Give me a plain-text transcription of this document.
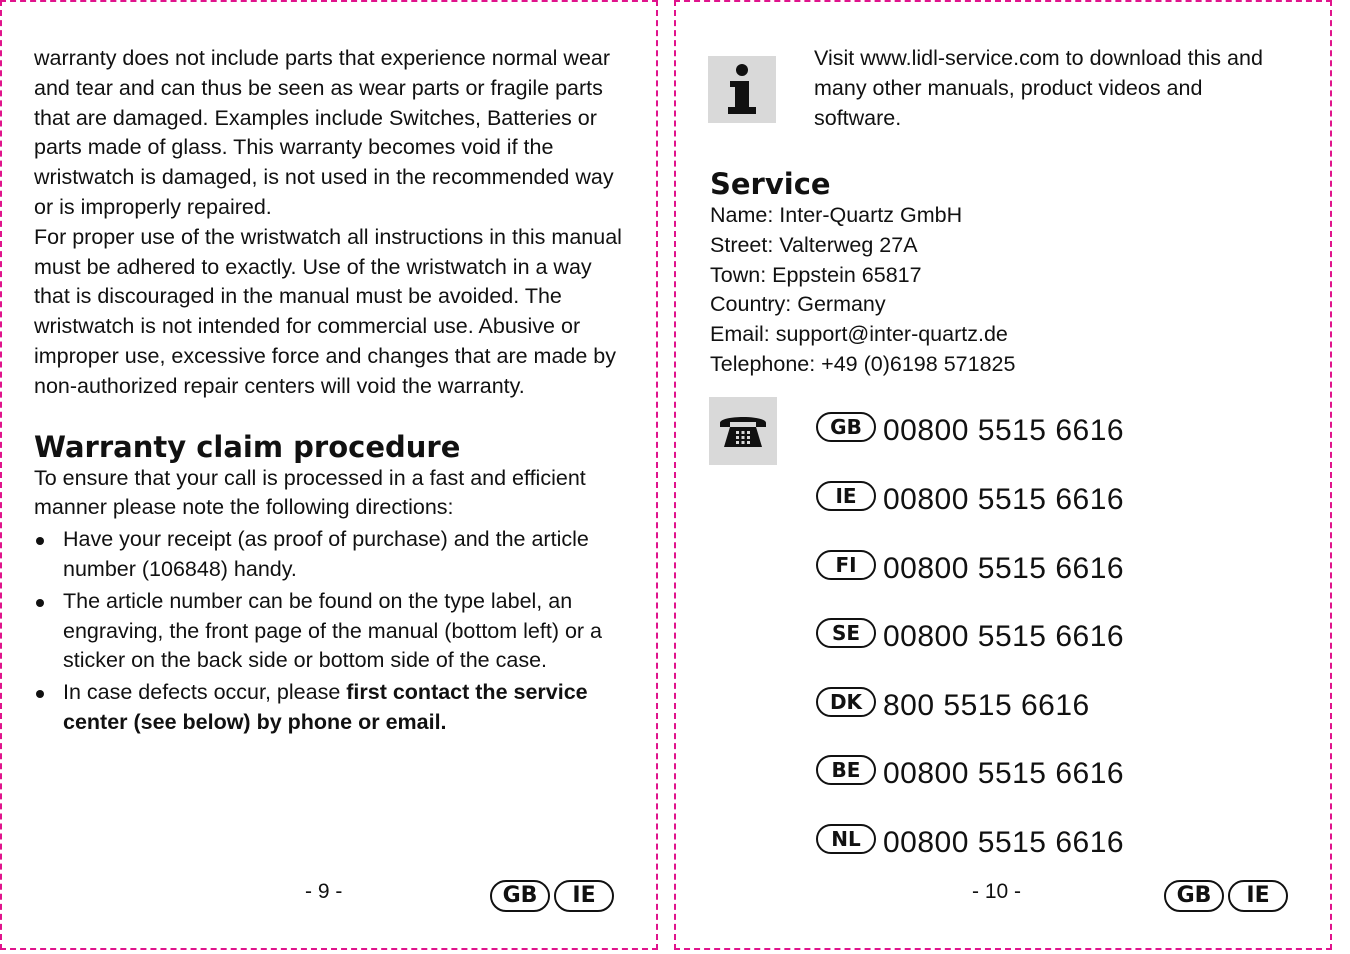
warranty does not include parts that experience normal wear and tear and can thus be seen as wear parts or fragile parts that are damaged. Examples include Switches, Batteries or parts made of glass. This warranty becomes void if the wristwatch is damaged, is not used in the recommended way or is improperly repaired.

For proper use of the wristwatch all instructions in this manual must be adhered to exactly. Use of the wristwatch in a way that is discouraged in the manual must be avoided. The wristwatch is not intended for commercial use. Abusive or improper use, excessive force and changes that are made by non-authorized repair centers will void the warranty.

Warranty claim procedure

To ensure that your call is processed in a fast and efficient manner please note the following directions:

Have your receipt (as proof of purchase) and the article number (106848) handy.
The article number can be found on the type label, an engraving, the front page of the manual (bottom left) or a sticker on the back side or bottom side of the case.
In case defects occur, please first contact the service center (see below) by phone or email.
- 9 -	GB	IE
Visit www.lidl-service.com to download this and many other manuals, product videos and software.
Service
Name: Inter-Quartz GmbH
Street: Valterweg 27A
Town: Eppstein 65817
Country: Germany
Email: support@inter-quartz.de
Telephone: +49 (0)6198 571825
GB 00800 5515 6616
IE 00800 5515 6616
FI 00800 5515 6616
SE 00800 5515 6616
DK 800 5515 6616
BE 00800 5515 6616
NL 00800 5515 6616
- 10 -	GB	IE
